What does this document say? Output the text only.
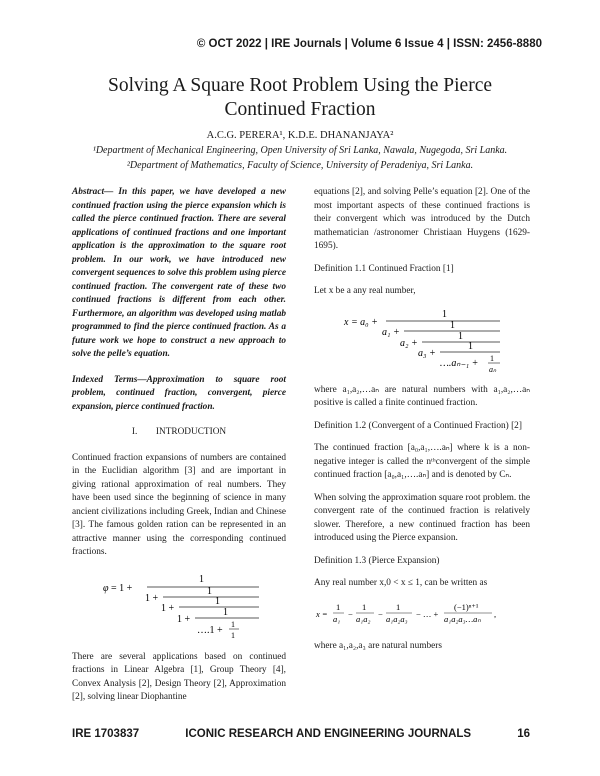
© OCT 2022 | IRE Journals | Volume 6 Issue 4 | ISSN: 2456-8880
Solving A Square Root Problem Using the Pierce
Continued Fraction
A.C.G. PERERA¹, K.D.E. DHANANJAYA²
¹Department of Mechanical Engineering, Open University of Sri Lanka, Nawala, Nugegoda, Sri Lanka.
²Department of Mathematics, Faculty of Science, University of Peradeniya, Sri Lanka.

Abstract— In this paper, we have developed a new continued fraction using the pierce expansion which is called the pierce continued fraction. There are several applications of continued fractions and one important application is the approximation to the square root problem. In our work, we have introduced new convergent sequences to solve this problem using pierce continued fraction. The convergent rate of these two continued fractions is different from each other. Furthermore, an algorithm was developed using matlab programmed to find the pierce continued fraction. As a future work we hope to construct a new approach to solve the pelle’s equation.

Indexed Terms—Approximation to square root problem, continued fraction, convergent, pierce expansion, pierce continued fraction.

I.        INTRODUCTION

Continued fraction expansions of numbers are contained in the Euclidian algorithm [3] and are important in giving rational approximation of real numbers. They have been used since the beginning of science in many ancient civilizations including Greek, Indian and Chinese [3]. The famous golden ration can be represented in an attractive manner using the corresponding continued fractions.

φ = 1 +
1
1 +
1
1 +
1
1 +
1
….1 +
1
1

There are several applications based on continued fractions in Linear Algebra [1], Group Theory [4], Convex Analysis [2], Design Theory [2], Approximation [2], solving linear Diophantine

equations [2], and solving Pelle’s equation [2]. One of the most important aspects of these continued fractions is their convergent which was introduced by the Dutch mathematician /astronomer Christiaan Huygens (1629-1695).

Definition 1.1 Continued Fraction [1]

Let x be a any real number,

x = a₀ +
1
a₁ +
1
a₂ +
1
a₃ +
1
….aₙ₋₁ + 1
aₙ

where a₁,a₂,…aₙ are natural numbers with a₁,a₂,…aₙ positive is called a finite continued fraction.

Definition 1.2 (Convergent of a Continued Fraction) [2]

The continued fraction [a₀,a₁,….aₙ] where k is a non-negative integer is called the nᵗʰconvergent of the simple continued fraction [a₀,a₁,….aₙ] and is denoted by Cₙ.

When solving the approximation square root problem. the convergent rate of the continued fraction is relatively slower. Therefore, a new continued fraction has been introduced using the Pierce expansion.

Definition 1.3 (Pierce Expansion)

Any real number x,0 < x ≤ 1, can be written as

x =
1
a₁ −
1
a₁a₂ −
1
a₁a₂a₃ − … +
(−1)ⁿ⁺¹
a₁a₂a₃…aₙ ,

where a₁,a₂,a₃ are natural numbers

IRE 1703837	ICONIC RESEARCH AND ENGINEERING JOURNALS	16
